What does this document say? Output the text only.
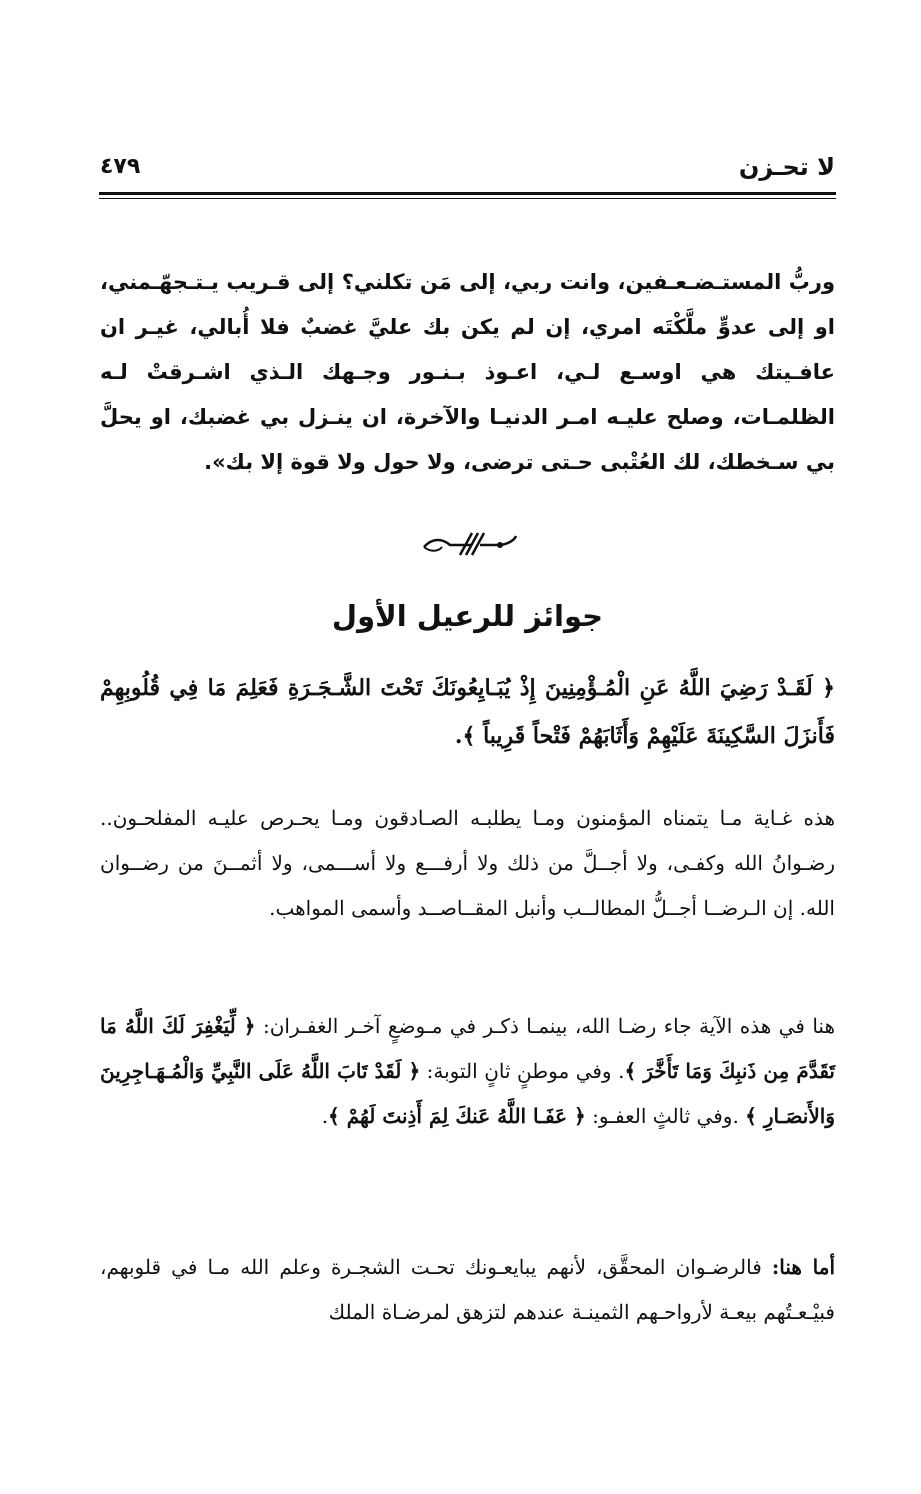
لا تحـزن
٤٧٩

وربُّ المستـضـعـفين، وانت ربي، إلى مَن تكلني؟ إلى قـريب يـتـجهّـمني، او إلى عدوٍّ ملَّكْتَه امري، إن لم يكن بك عليَّ غضبٌ فلا أُبالي، غيـر ان عافـيتك هي اوسـع لـي، اعـوذ بـنـور وجـهك الـذي اشـرقتْ لـه الظلمـات، وصلح عليـه امـر الدنيـا والآخرة، ان ينـزل بي غضبك، او يحلَّ بي سـخطك، لك العُتْبى حـتى ترضى، ولا حول ولا قوة إلا بك».

جوائز للرعيل الأول

﴿ لَقَـدْ رَضِيَ اللَّهُ عَنِ الْمُـؤْمِنِينَ إِذْ يُبَـايِعُونَكَ تَحْتَ الشَّـجَـرَةِ فَعَلِمَ مَا فِي قُلُوبِهِمْ فَأَنزَلَ السَّكِينَةَ عَلَيْهِمْ وَأَثَابَهُمْ فَتْحاً قَرِيباً ﴾.

هذه غـاية مـا يتمناه المؤمنون ومـا يطلبـه الصـادقون ومـا يحـرص عليـه المفلحـون.. رضـوانُ الله وكفـى، ولا أجــلَّ من ذلك ولا أرفـــع ولا أســـمى، ولا أثمــنَ من رضــوان الله. إن الـرضــا أجــلُّ المطالــب وأنبل المقــاصــد وأسمى المواهب.

هنا في هذه الآية جاء رضـا الله، بينمـا ذكـر في مـوضعٍ آخـر الغفـران: ﴿ لِّيَغْفِرَ لَكَ اللَّهُ مَا تَقَدَّمَ مِن ذَنبِكَ وَمَا تَأَخَّرَ ﴾. وفي موطنٍ ثانٍ التوبة: ﴿ لَقَدْ تَابَ اللَّهُ عَلَى النَّبِيِّ وَالْمُـهَـاجِرِينَ وَالأَنصَـارِ ﴾ .وفي ثالثٍ العفـو: ﴿ عَفَـا اللَّهُ عَنكَ لِمَ أَذِنتَ لَهُمْ ﴾.

أما هنا: فالرضـوان المحقَّق، لأنهم يبايعـونك تحـت الشجـرة وعلم الله مـا في قلوبهم، فبيْـعـتُهم بيعـة لأرواحـهم الثمينـة عندهم لتزهق لمرضـاة الملك
